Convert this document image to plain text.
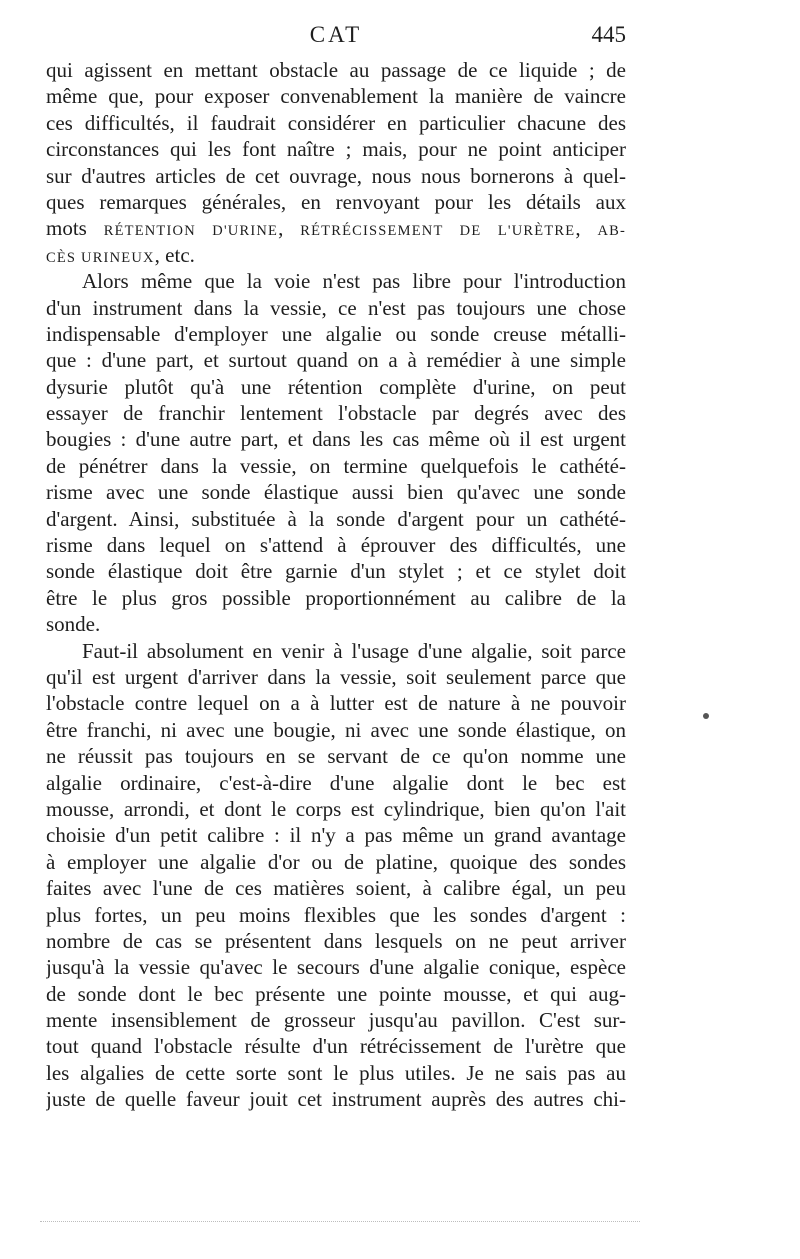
CAT	445
qui agissent en mettant obstacle au passage de ce liquide ; de
même que, pour exposer convenablement la manière de vaincre
ces difficultés, il faudrait considérer en particulier chacune des
circonstances qui les font naître ; mais, pour ne point anticiper
sur d'autres articles de cet ouvrage, nous nous bornerons à quel-
ques remarques générales, en renvoyant pour les détails aux
mots RÉTENTION D'URINE, RÉTRÉCISSEMENT DE L'URÈTRE, AB-
CÈS URINEUX, etc.
Alors même que la voie n'est pas libre pour l'introduction
d'un instrument dans la vessie, ce n'est pas toujours une chose
indispensable d'employer une algalie ou sonde creuse métalli-
que : d'une part, et surtout quand on a à remédier à une simple
dysurie plutôt qu'à une rétention complète d'urine, on peut
essayer de franchir lentement l'obstacle par degrés avec des
bougies : d'une autre part, et dans les cas même où il est urgent
de pénétrer dans la vessie, on termine quelquefois le cathété-
risme avec une sonde élastique aussi bien qu'avec une sonde
d'argent. Ainsi, substituée à la sonde d'argent pour un cathété-
risme dans lequel on s'attend à éprouver des difficultés, une
sonde élastique doit être garnie d'un stylet ; et ce stylet doit
être le plus gros possible proportionnément au calibre de la
sonde.
Faut-il absolument en venir à l'usage d'une algalie, soit parce
qu'il est urgent d'arriver dans la vessie, soit seulement parce que
l'obstacle contre lequel on a à lutter est de nature à ne pouvoir
être franchi, ni avec une bougie, ni avec une sonde élastique, on
ne réussit pas toujours en se servant de ce qu'on nomme une
algalie ordinaire, c'est-à-dire d'une algalie dont le bec est
mousse, arrondi, et dont le corps est cylindrique, bien qu'on l'ait
choisie d'un petit calibre : il n'y a pas même un grand avantage
à employer une algalie d'or ou de platine, quoique des sondes
faites avec l'une de ces matières soient, à calibre égal, un peu
plus fortes, un peu moins flexibles que les sondes d'argent :
nombre de cas se présentent dans lesquels on ne peut arriver
jusqu'à la vessie qu'avec le secours d'une algalie conique, espèce
de sonde dont le bec présente une pointe mousse, et qui aug-
mente insensiblement de grosseur jusqu'au pavillon. C'est sur-
tout quand l'obstacle résulte d'un rétrécissement de l'urètre que
les algalies de cette sorte sont le plus utiles. Je ne sais pas au
juste de quelle faveur jouit cet instrument auprès des autres chi-
